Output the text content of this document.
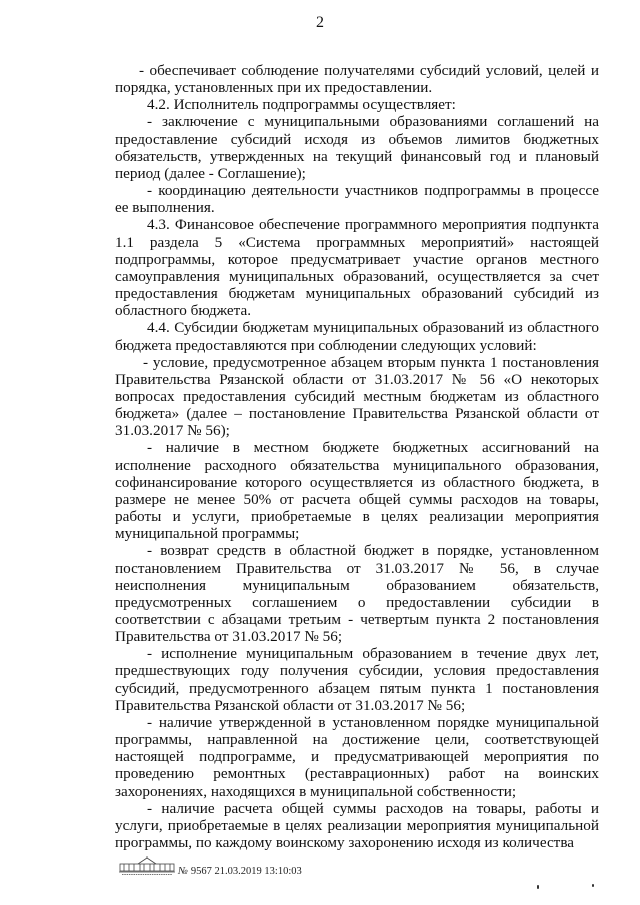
2

- обеспечивает соблюдение получателями субсидий условий, целей и порядка, установленных при их предоставлении.

4.2. Исполнитель подпрограммы осуществляет:

- заключение с муниципальными образованиями соглашений на предоставление субсидий исходя из объемов лимитов бюджетных обязательств, утвержденных на текущий финансовый год и плановый период (далее - Соглашение);

- координацию деятельности участников подпрограммы в процессе ее выполнения.

4.3. Финансовое обеспечение программного мероприятия подпункта 1.1 раздела 5 «Система программных мероприятий» настоящей подпрограммы, которое предусматривает участие органов местного самоуправления муниципальных образований, осуществляется за счет предоставления бюджетам муниципальных образований субсидий из областного бюджета.

4.4. Субсидии бюджетам муниципальных образований из областного бюджета предоставляются при соблюдении следующих условий:

- условие, предусмотренное абзацем вторым пункта 1 постановления Правительства Рязанской области от 31.03.2017 № 56 «О некоторых вопросах предоставления субсидий местным бюджетам из областного бюджета» (далее – постановление Правительства Рязанской области от 31.03.2017 № 56);

- наличие в местном бюджете бюджетных ассигнований на исполнение расходного обязательства муниципального образования, софинансирование которого осуществляется из областного бюджета, в размере не менее 50% от расчета общей суммы расходов на товары, работы и услуги, приобретаемые в целях реализации мероприятия муниципальной программы;

- возврат средств в областной бюджет в порядке, установленном постановлением Правительства от 31.03.2017 № 56, в случае неисполнения муниципальным образованием обязательств, предусмотренных соглашением о предоставлении субсидии в соответствии с абзацами третьим - четвертым пункта 2 постановления Правительства от 31.03.2017 № 56;

- исполнение муниципальным образованием в течение двух лет, предшествующих году получения субсидии, условия предоставления субсидий, предусмотренного абзацем пятым пункта 1 постановления Правительства Рязанской области от 31.03.2017 № 56;

- наличие утвержденной в установленном порядке муниципальной программы, направленной на достижение цели, соответствующей настоящей подпрограмме, и предусматривающей мероприятия по проведению ремонтных (реставрационных) работ на воинских захоронениях, находящихся в муниципальной собственности;

- наличие расчета общей суммы расходов на товары, работы и услуги, приобретаемые в целях реализации мероприятия муниципальной программы, по каждому воинскому захоронению исходя из количества

№ 9567 21.03.2019 13:10:03
